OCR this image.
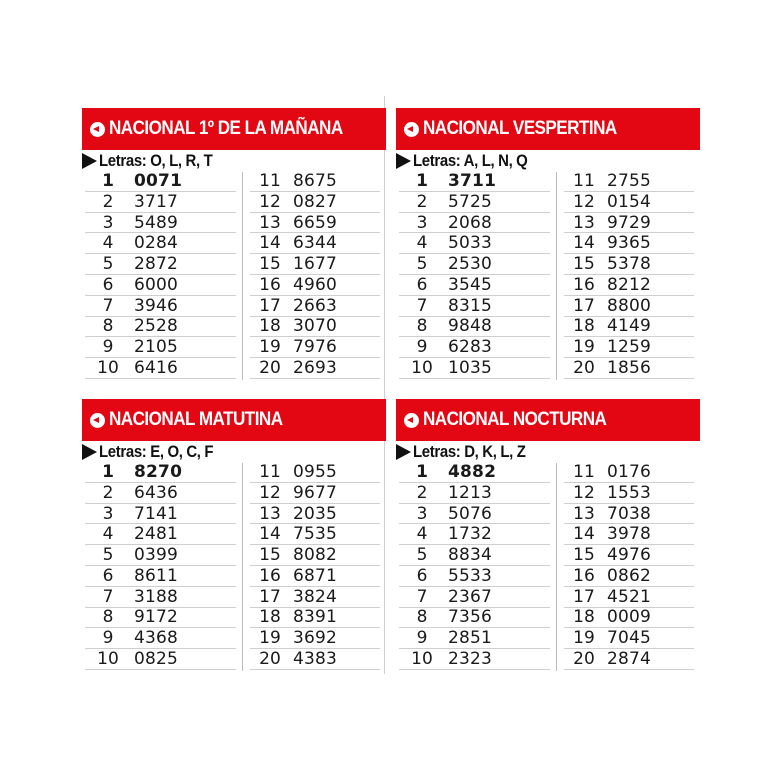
NACIONAL 1º DE LA MAÑANA
Letras: O, L, R, T
1	0071
2	3717
3	5489
4	0284
5	2872
6	6000
7	3946
8	2528
9	2105
10 6416
11 8675
12 0827
13 6659
14 6344
15 1677
16 4960
17 2663
18 3070
19 7976
20 2693
NACIONAL VESPERTINA
Letras: A, L, N, Q
1	3711
2	5725
3	2068
4	5033
5	2530
6	3545
7	8315
8	9848
9	6283
10 1035
11 2755
12 0154
13 9729
14 9365
15 5378
16 8212
17 8800
18 4149
19 1259
20 1856
NACIONAL MATUTINA
Letras: E, O, C, F
1	8270
2	6436
3	7141
4	2481
5	0399
6	8611
7	3188
8	9172
9	4368
10 0825
11 0955
12 9677
13 2035
14 7535
15 8082
16 6871
17 3824
18 8391
19 3692
20 4383
NACIONAL NOCTURNA
Letras: D, K, L, Z
1	4882
2	1213
3	5076
4	1732
5	8834
6	5533
7	2367
8	7356
9	2851
10 2323
11 0176
12 1553
13 7038
14 3978
15 4976
16 0862
17 4521
18 0009
19 7045
20 2874
